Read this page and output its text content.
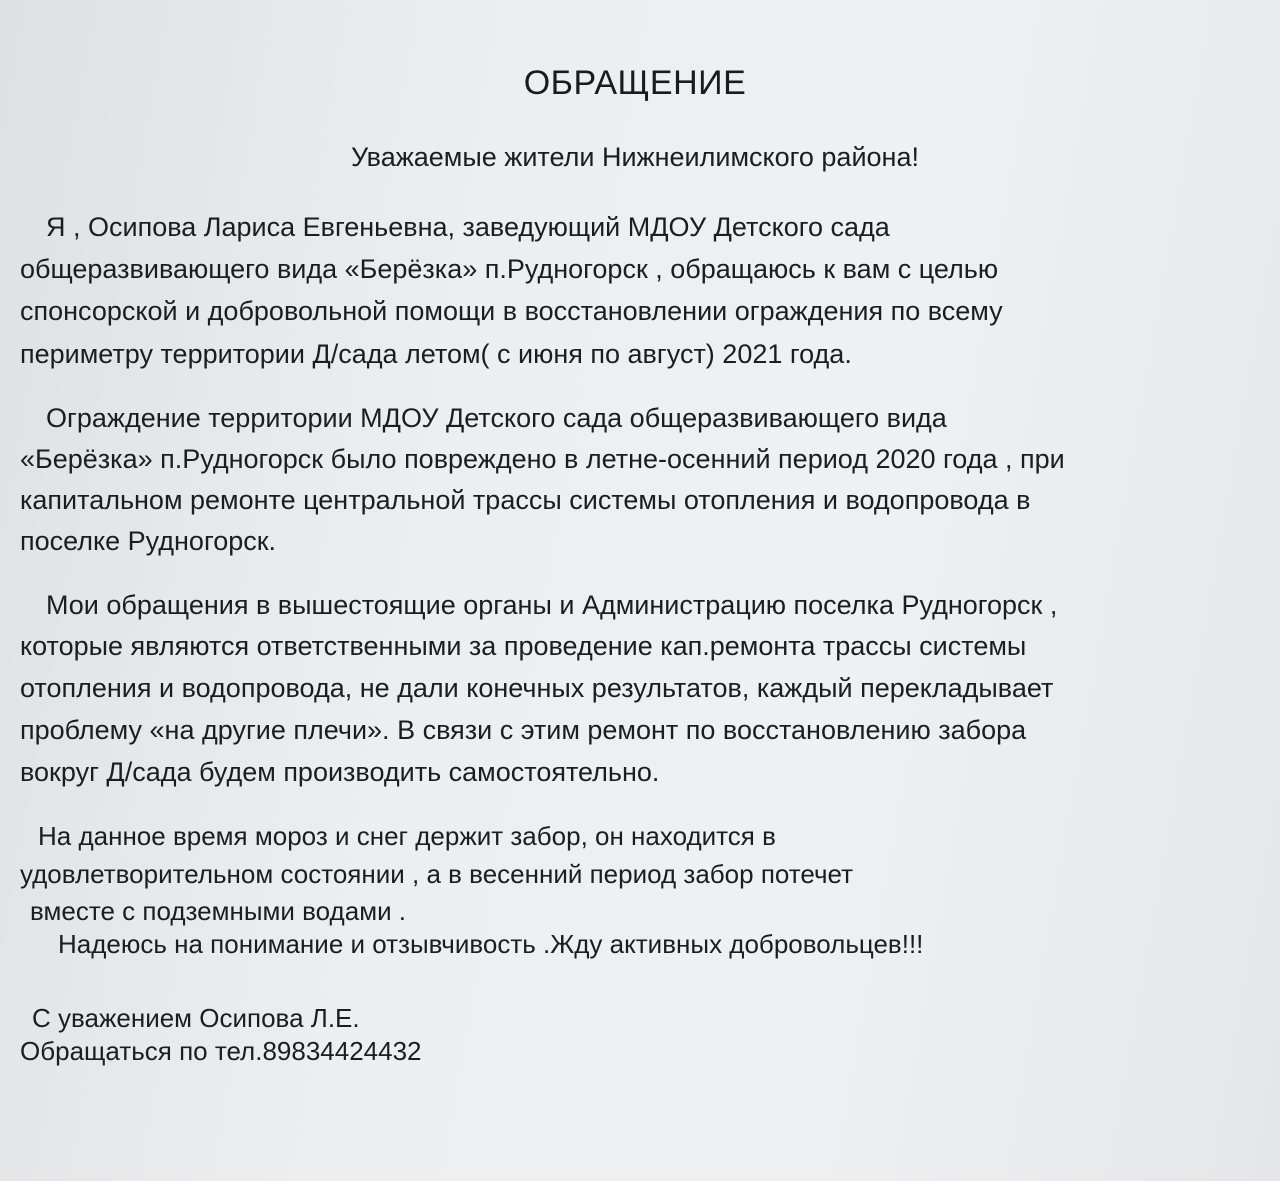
ОБРАЩЕНИЕ
Уважаемые жители Нижнеилимского района!
Я , Осипова Лариса Евгеньевна, заведующий МДОУ Детского сада
общеразвивающего вида «Берёзка» п.Рудногорск , обращаюсь к вам с целью
спонсорской и добровольной помощи в восстановлении ограждения по всему
периметру территории Д/сада летом( с июня по август) 2021 года.
Ограждение территории МДОУ Детского сада общеразвивающего вида
«Берёзка» п.Рудногорск было повреждено в летне-осенний период 2020 года , при
капитальном ремонте центральной трассы системы отопления и водопровода в
поселке Рудногорск.
Мои обращения в вышестоящие органы и Администрацию поселка Рудногорск ,
которые являются ответственными за проведение кап.ремонта трассы системы
отопления и водопровода, не дали конечных результатов, каждый перекладывает
проблему «на другие плечи». В связи с этим ремонт по восстановлению забора
вокруг Д/сада будем производить самостоятельно.
На данное время мороз и снег держит забор, он находится в
удовлетворительном состоянии , а в весенний период забор потечет
вместе с подземными водами .
Надеюсь на понимание и отзывчивость .Жду активных добровольцев!!!
С уважением Осипова Л.Е.
Обращаться по тел.89834424432
